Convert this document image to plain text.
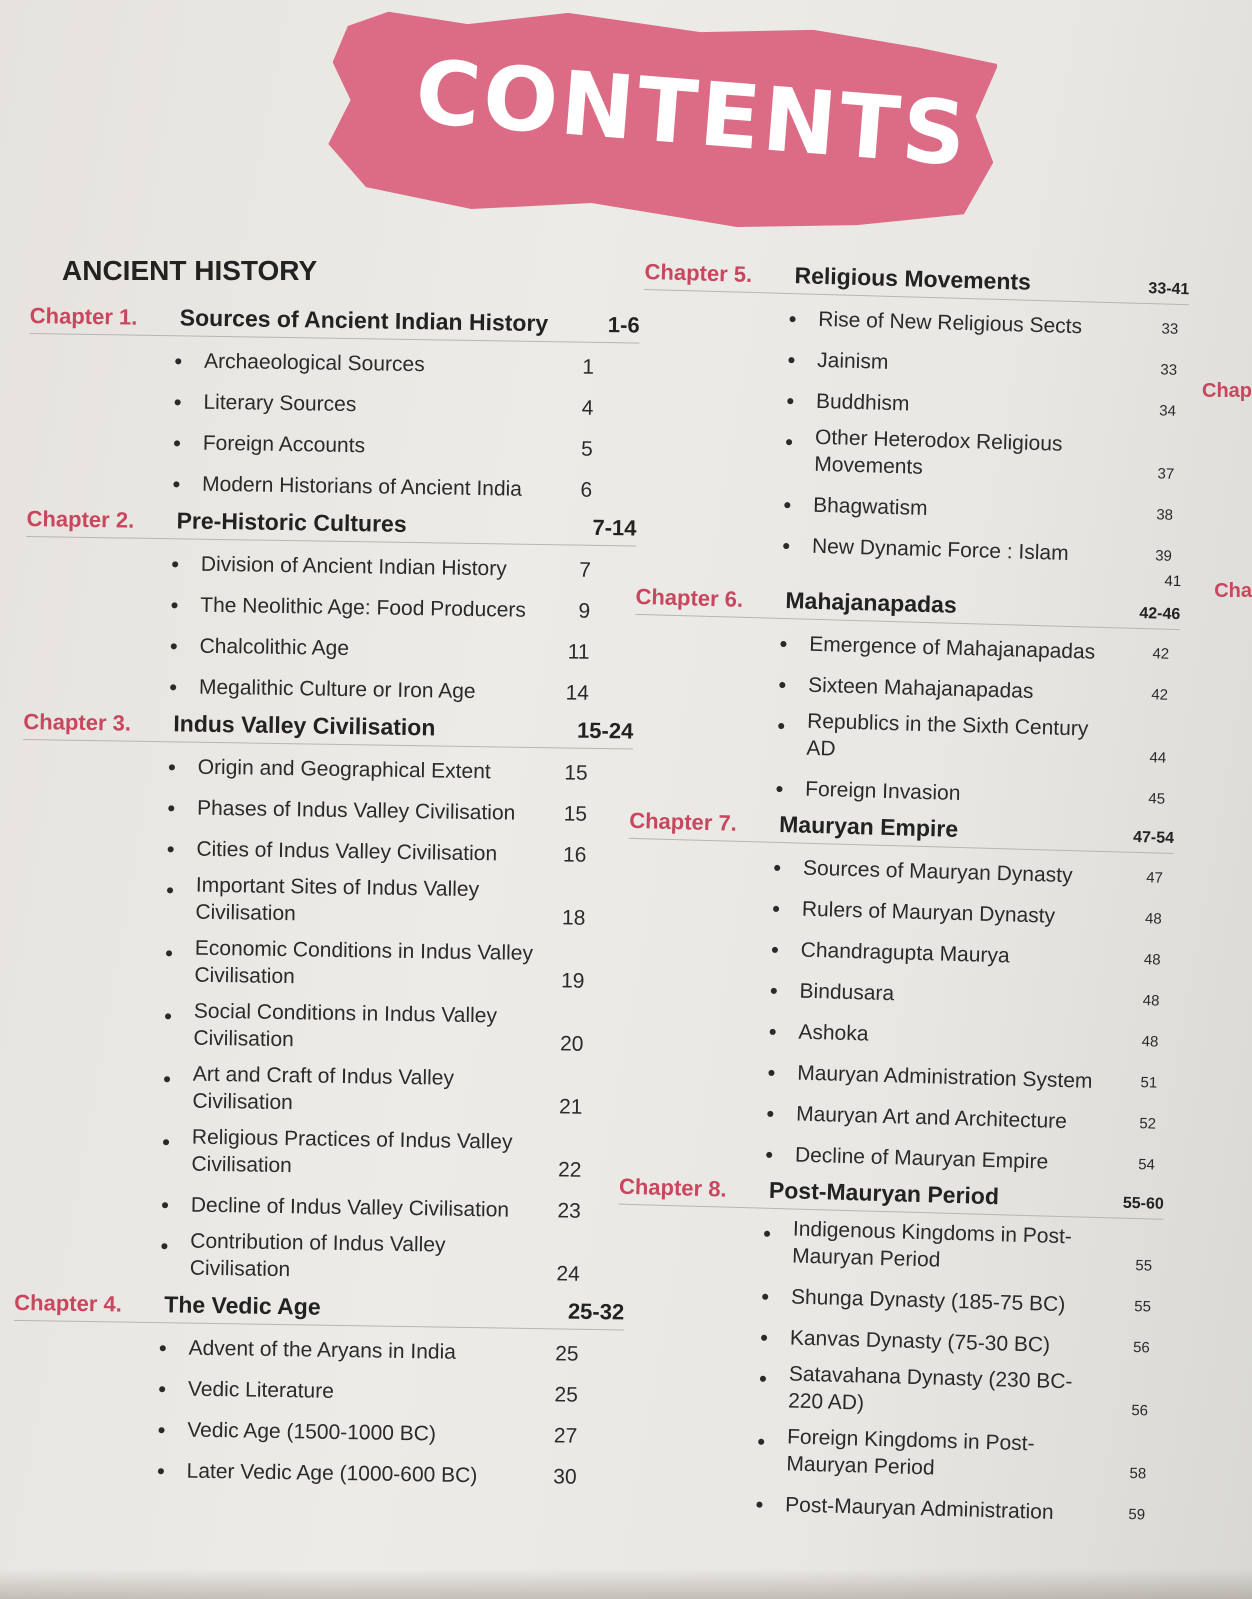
CONTENTS
ANCIENT HISTORY
Chapter 1.	Sources of Ancient Indian History	1-6
●	Archaeological Sources	1
●	Literary Sources	4
●	Foreign Accounts	5
●	Modern Historians of Ancient India	6
Chapter 2.	Pre-Historic Cultures	7-14
●	Division of Ancient Indian History	7
●	The Neolithic Age: Food Producers	9
●	Chalcolithic Age	11
●	Megalithic Culture or Iron Age	14
Chapter 3.	Indus Valley Civilisation	15-24
●	Origin and Geographical Extent	15
●	Phases of Indus Valley Civilisation	15
●	Cities of Indus Valley Civilisation	16
●	Important Sites of Indus Valley Civilisation	18
●	Economic Conditions in Indus Valley Civilisation	19
●	Social Conditions in Indus Valley Civilisation	20
●	Art and Craft of Indus Valley Civilisation	21
●	Religious Practices of Indus Valley Civilisation	22
●	Decline of Indus Valley Civilisation	23
●	Contribution of Indus Valley Civilisation	24
Chapter 4.	The Vedic Age	25-32
●	Advent of the Aryans in India	25
●	Vedic Literature	25
●	Vedic Age (1500-1000 BC)	27
●	Later Vedic Age (1000-600 BC)	30
Chapter 5.	Religious Movements	33-41
● Rise of New Religious Sects	33
● Jainism	33
● Buddhism	34
●	Other Heterodox Religious Movements	37
● Bhagwatism	38
● New Dynamic Force : Islam	39
41
Chapter 6.	Mahajanapadas	42-46
● Emergence of Mahajanapadas	42
● Sixteen Mahajanapadas	42
●	Republics in the Sixth Century AD	44
● Foreign Invasion	45
Chapter 7.	Mauryan Empire	47-54
● Sources of Mauryan Dynasty	47
● Rulers of Mauryan Dynasty	48
● Chandragupta Maurya	48
● Bindusara	48
● Ashoka	48
● Mauryan Administration System	51
● Mauryan Art and Architecture	52
● Decline of Mauryan Empire	54
Chapter 8.	Post-Mauryan Period	55-60
●	Indigenous Kingdoms in Post-Mauryan Period	55
● Shunga Dynasty (185-75 BC)	55
● Kanvas Dynasty (75-30 BC)	56
●	Satavahana Dynasty (230 BC- 220 AD)	56
●	Foreign Kingdoms in Post-Mauryan Period	58
● Post-Mauryan Administration	59
Chap
Cha
